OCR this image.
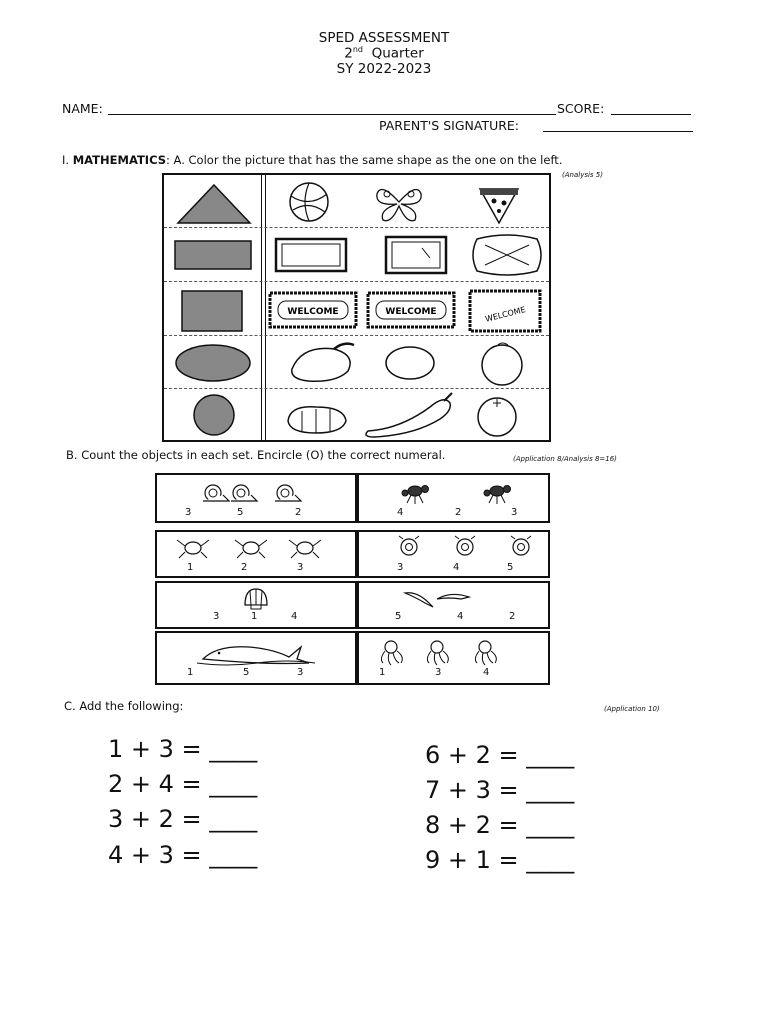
SPED ASSESSMENT
2nd Quarter
SY 2022-2023
NAME:	SCORE:
PARENT'S SIGNATURE:
I. MATHEMATICS: A. Color the picture that has the same shape as the one on the left.
(Analysis 5)
WELCOME	WELCOME	WELCOME
B. Count the objects in each set. Encircle (O) the correct numeral.	(Application 8/Analysis 8=16)
3	5	2	4	2	3
1	2	3	3	4	5
3	1	4	5	4	2
1	5	3	1	3	4
C. Add the following:	(Application 10)
1 + 3 = ____
2 + 4 = ____
3 + 2 = ____
4 + 3 = ____
6 + 2 = ____
7 + 3 = ____
8 + 2 = ____
9 + 1 = ____
